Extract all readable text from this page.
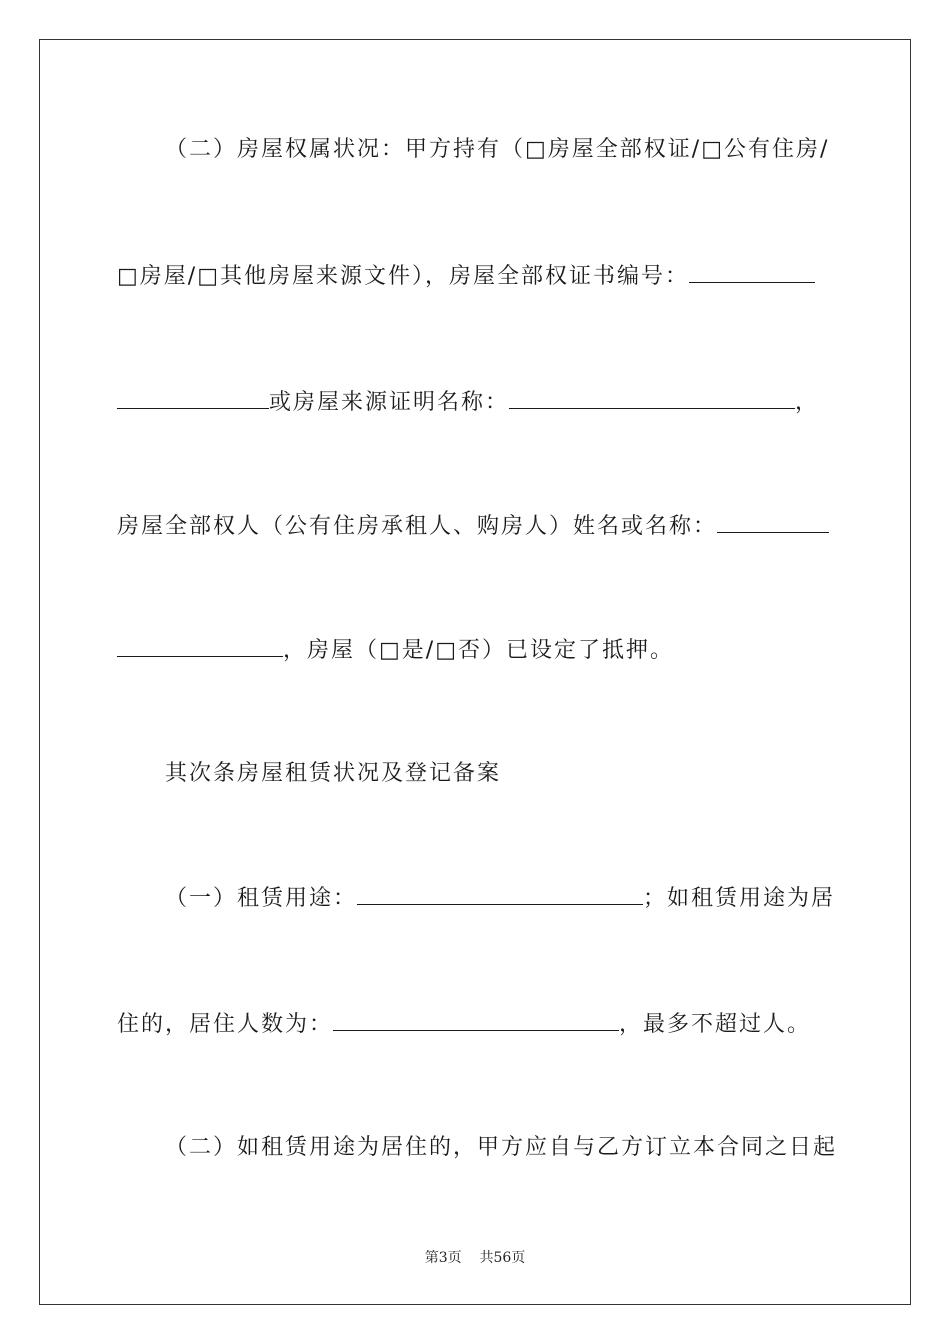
（二）房屋权属状况：甲方持有（□房屋全部权证/□公有住房/
□房屋/□其他房屋来源文件），房屋全部权证书编号：
或房屋来源证明名称：	，
房屋全部权人（公有住房承租人、购房人）姓名或名称：
，房屋（□是/□否）已设定了抵押。
其次条房屋租赁状况及登记备案
（一）租赁用途：	；如租赁用途为居
住的，居住人数为：	，最多不超过人。
（二）如租赁用途为居住的，甲方应自与乙方订立本合同之日起
第3页 共56页
